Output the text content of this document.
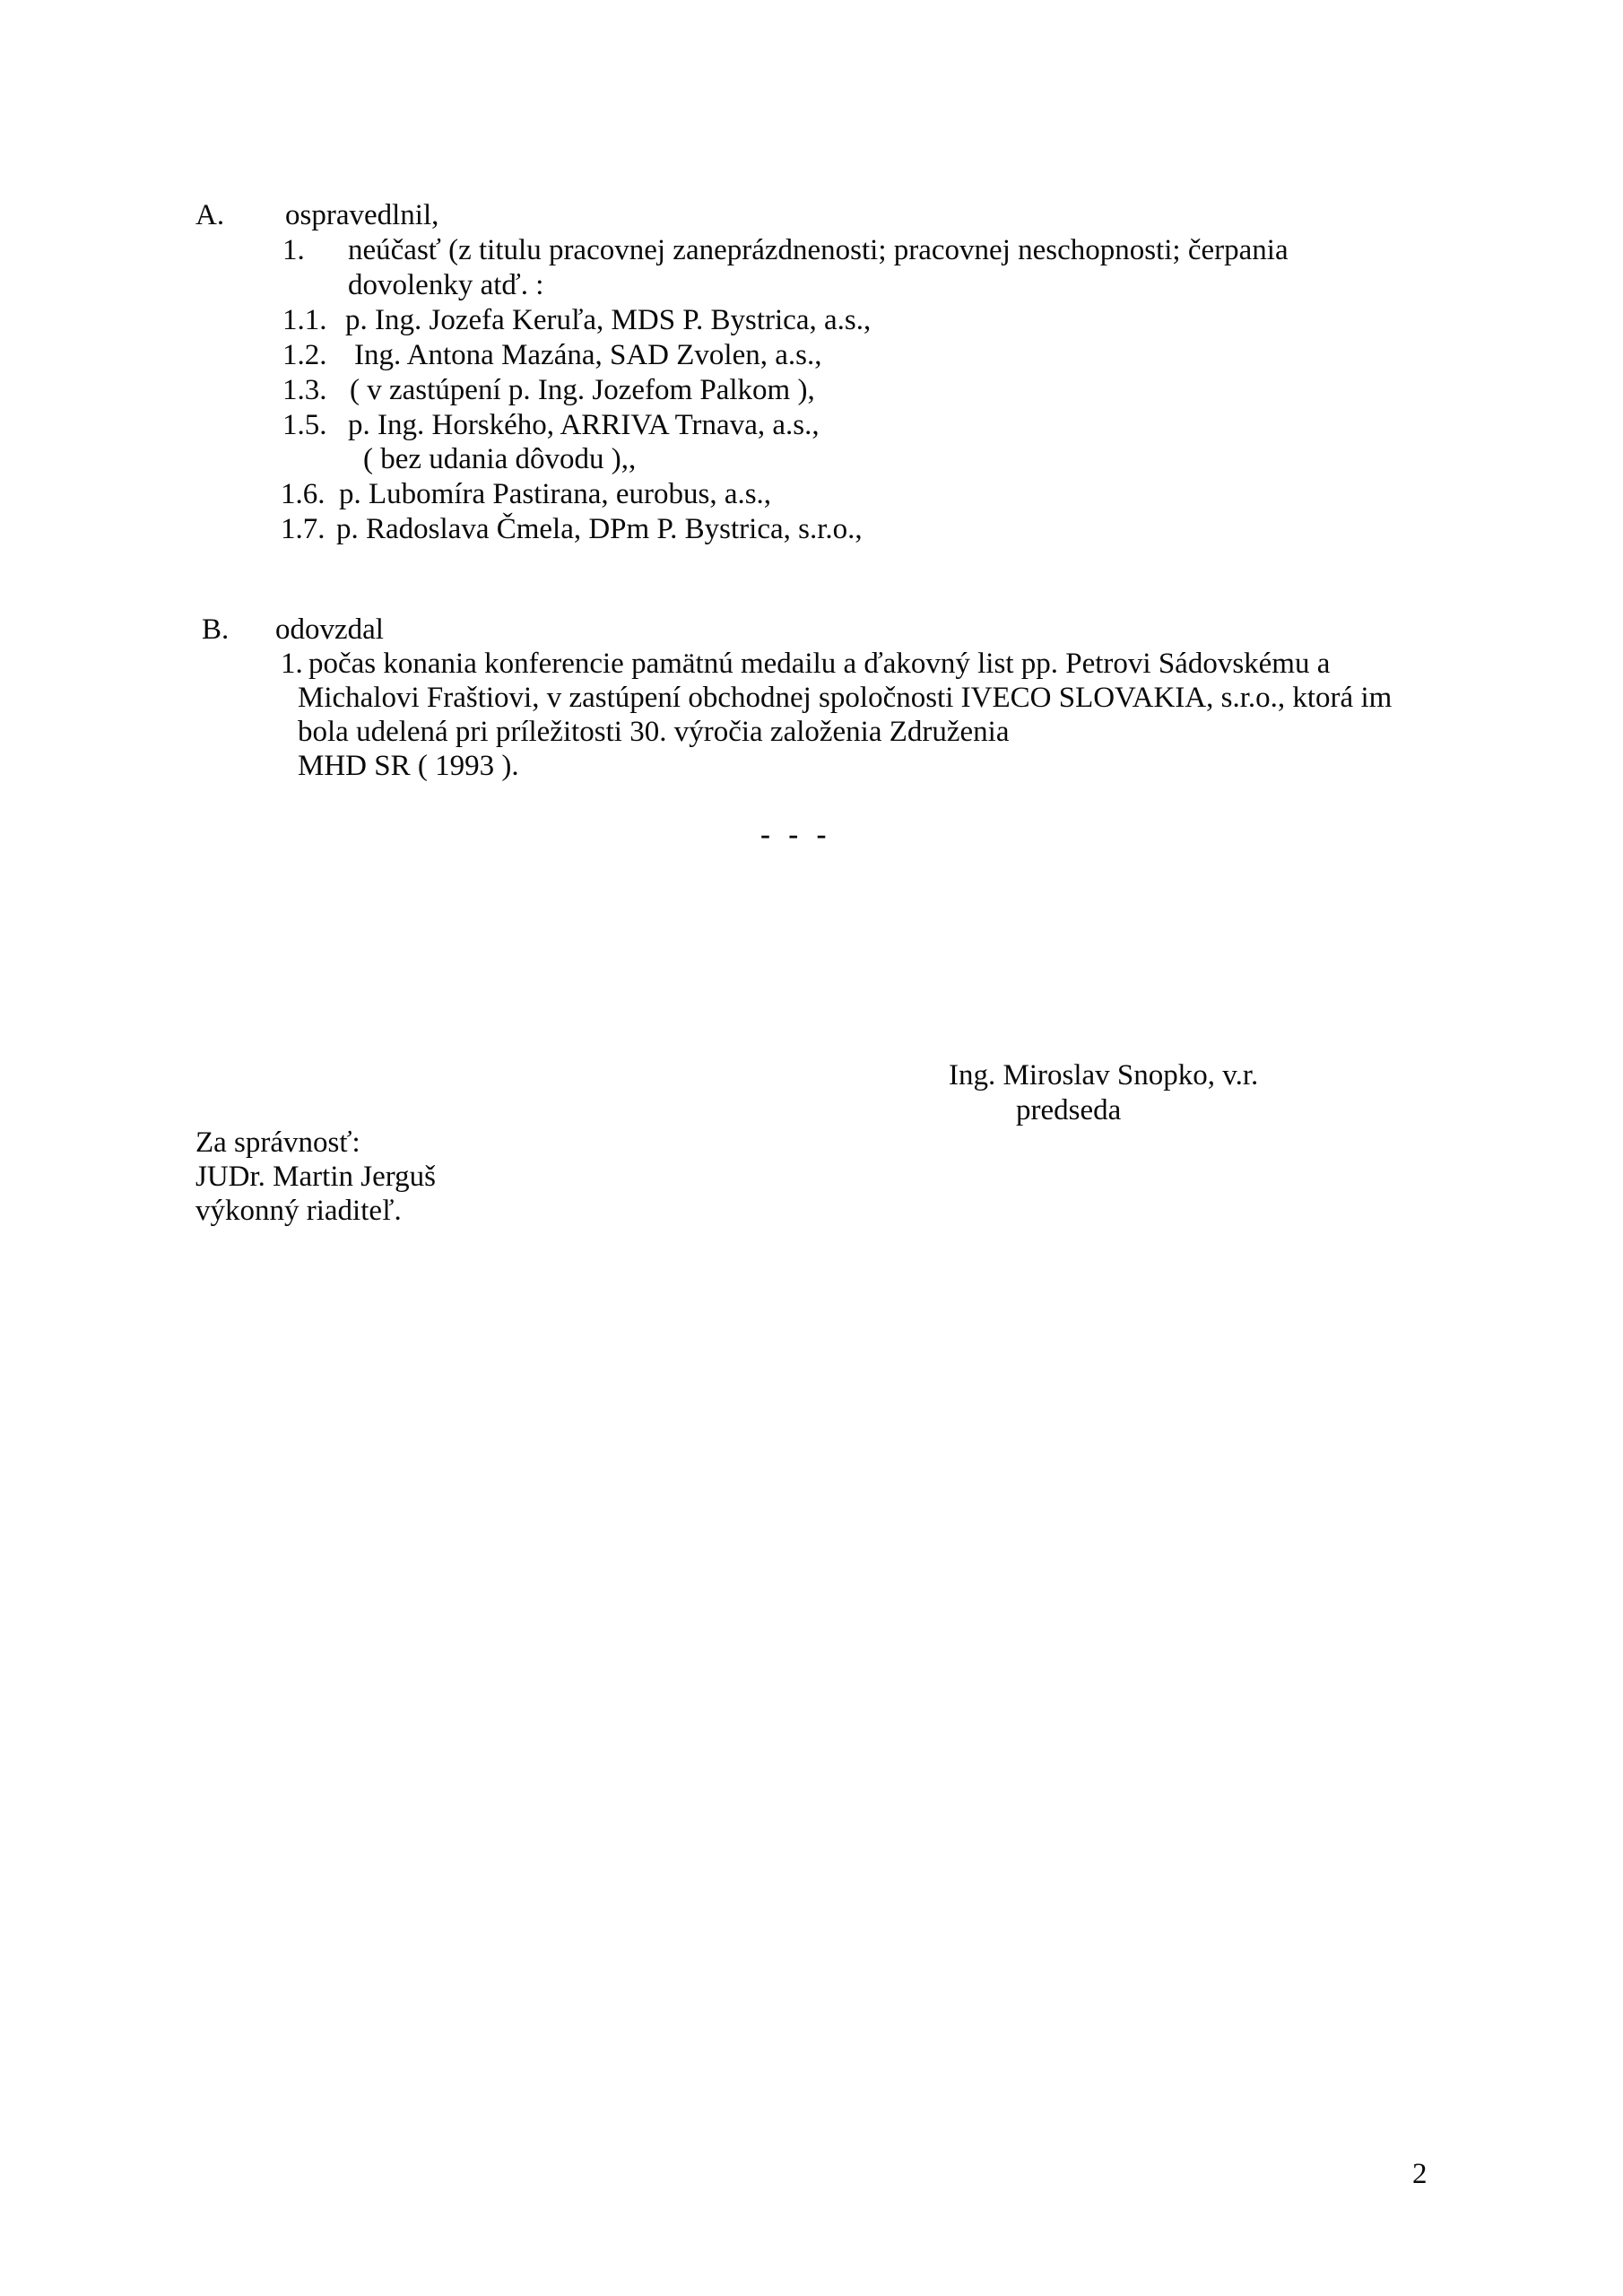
A. ospravedlnil,
1. neúčasť (z titulu pracovnej zaneprázdnenosti; pracovnej neschopnosti; čerpania
dovolenky atď. :
1.1. p. Ing. Jozefa Keruľa, MDS P. Bystrica, a.s.,
1.2. Ing. Antona Mazána, SAD Zvolen, a.s.,
1.3. ( v zastúpení p. Ing. Jozefom Palkom ),
1.5. p. Ing. Horského, ARRIVA Trnava, a.s.,
( bez udania dôvodu ),,
1.6. p. Lubomíra Pastirana, eurobus, a.s.,
1.7. p. Radoslava Čmela, DPm P. Bystrica, s.r.o.,
B. odovzdal
1. počas konania konferencie pamätnú medailu a ďakovný list pp. Petrovi Sádovskému a
Michalovi Fraštiovi, v zastúpení obchodnej spoločnosti IVECO SLOVAKIA, s.r.o., ktorá im
bola udelená pri príležitosti 30. výročia založenia Združenia
MHD SR ( 1993 ).
- - -
Ing. Miroslav Snopko, v.r.
predseda
Za správnosť:
JUDr. Martin Jerguš
výkonný riaditeľ.
2
